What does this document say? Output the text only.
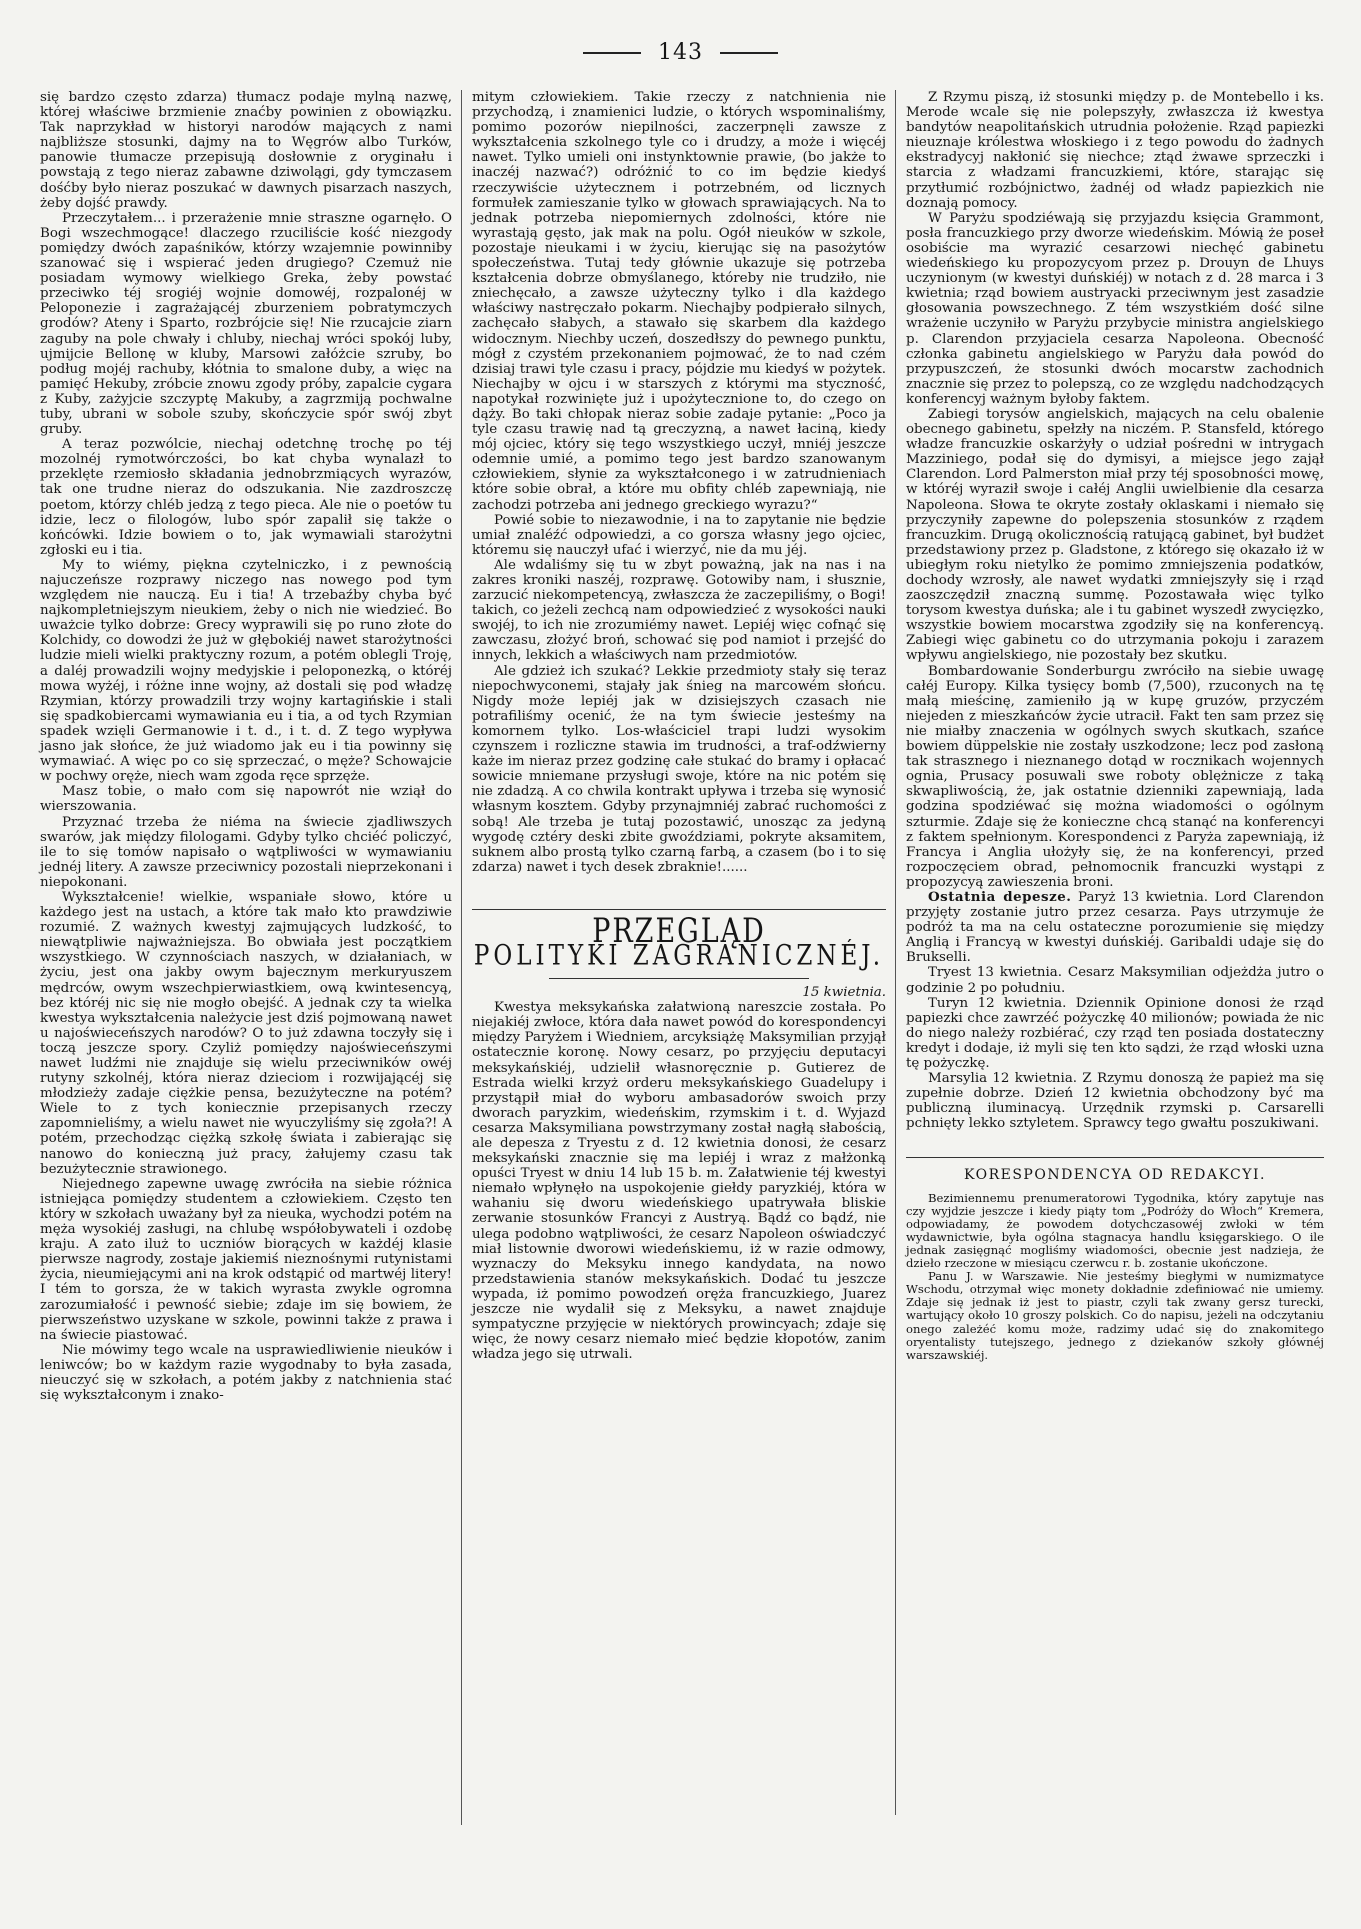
143

się bardzo często zdarza) tłumacz podaje mylną nazwę, której właściwe brzmienie znaćby powinien z obowiązku. Tak naprzykład w historyi narodów mających z nami najbliższe stosunki, dajmy na to Węgrów albo Turków, panowie tłumacze przepisują dosłownie z oryginału i powstają z tego nieraz zabawne dziwolągi, gdy tymczasem dośćby było nieraz poszukać w dawnych pisarzach naszych, żeby dojść prawdy.

Przeczytałem... i przerażenie mnie straszne ogarnęło. O Bogi wszechmogące! dlaczego rzuciliście kość niezgody pomiędzy dwóch zapaśników, którzy wzajemnie powinniby szanować się i wspierać jeden drugiego? Czemuż nie posiadam wymowy wielkiego Greka, żeby powstać przeciwko téj srogiéj wojnie domowéj, rozpalonéj w Peloponezie i zagrażającéj zburzeniem pobratymczych grodów? Ateny i Sparto, rozbrójcie się! Nie rzucajcie ziarn zaguby na pole chwały i chluby, niechaj wróci spokój luby, ujmijcie Bellonę w kluby, Marsowi załóżcie szruby, bo podług mojéj rachuby, kłótnia to smalone duby, a więc na pamięć Hekuby, zróbcie znowu zgody próby, zapalcie cygara z Kuby, zażyjcie szczyptę Makuby, a zagrzmiją pochwalne tuby, ubrani w sobole szuby, skończycie spór swój zbyt gruby.

A teraz pozwólcie, niechaj odetchnę trochę po téj mozolnéj rymotwórczości, bo kat chyba wynalazł to przeklęte rzemiosło składania jednobrzmiących wyrazów, tak one trudne nieraz do odszukania. Nie zazdroszczę poetom, którzy chléb jedzą z tego pieca. Ale nie o poetów tu idzie, lecz o filologów, lubo spór zapalił się także o końcówki. Idzie bowiem o to, jak wymawiali starożytni zgłoski eu i tia.

My to wiémy, piękna czytelniczko, i z pewnością najuczeńsze rozprawy niczego nas nowego pod tym względem nie nauczą. Eu i tia! A trzebaźby chyba być najkompletniejszym nieukiem, żeby o nich nie wiedzieć. Bo uważcie tylko dobrze: Grecy wyprawili się po runo złote do Kolchidy, co dowodzi że już w głębokiéj nawet starożytności ludzie mieli wielki praktyczny rozum, a potém oblegli Troję, a daléj prowadzili wojny medyjskie i peloponezką, o któréj mowa wyżéj, i różne inne wojny, aż dostali się pod władzę Rzymian, którzy prowadzili trzy wojny kartagińskie i stali się spadkobiercami wymawiania eu i tia, a od tych Rzymian spadek wzięli Germanowie i t. d., i t. d. Z tego wypływa jasno jak słońce, że już wiadomo jak eu i tia powinny się wymawiać. A więc po co się sprzeczać, o męże? Schowajcie w pochwy oręże, niech wam zgoda ręce sprzęże.

Masz tobie, o mało com się napowrót nie wziął do wierszowania.

Przyznać trzeba że niéma na świecie zjadliwszych swarów, jak między filologami. Gdyby tylko chciéć policzyć, ile to się tomów napisało o wątpliwości w wymawianiu jednéj litery. A zawsze przeciwnicy pozostali nieprzekonani i niepokonani.

Wykształcenie! wielkie, wspaniałe słowo, które u każdego jest na ustach, a które tak mało kto prawdziwie rozumié. Z ważnych kwestyj zajmujących ludzkość, to niewątpliwie najważniejsza. Bo obwiała jest początkiem wszystkiego. W czynnościach naszych, w działaniach, w życiu, jest ona jakby owym bajecznym merkuryuszem mędrców, owym wszechpierwiastkiem, ową kwintesencyą, bez któréj nic się nie mogło obejść. A jednak czy ta wielka kwestya wykształcenia należycie jest dziś pojmowaną nawet u najoświeceńszych narodów? O to już zdawna toczyły się i toczą jeszcze spory. Czyliż pomiędzy najoświeceńszymi nawet ludźmi nie znajduje się wielu przeciwników owéj rutyny szkolnéj, która nieraz dzieciom i rozwijającéj się młodzieży zadaje ciężkie pensa, bezużyteczne na potém? Wiele to z tych koniecznie przepisanych rzeczy zapomnieliśmy, a wielu nawet nie wyuczyliśmy się zgoła?! A potém, przechodząc ciężką szkołę świata i zabierając się nanowo do konieczną już pracy, żałujemy czasu tak bezużytecznie strawionego.

Niejednego zapewne uwagę zwróciła na siebie różnica istniejąca pomiędzy studentem a człowiekiem. Często ten który w szkołach uważany był za nieuka, wychodzi potém na męża wysokiéj zasługi, na chlubę współobywateli i ozdobę kraju. A zato iluż to uczniów biorących w każdéj klasie pierwsze nagrody, zostaje jakiemiś nieznośnymi rutynistami życia, nieumiejącymi ani na krok odstąpić od martwéj litery! I tém to gorsza, że w takich wyrasta zwykle ogromna zarozumiałość i pewność siebie; zdaje im się bowiem, że pierwszeństwo uzyskane w szkole, powinni także z prawa i na świecie piastować.

Nie mówimy tego wcale na usprawiedliwienie nieuków i leniwców; bo w każdym razie wygodnaby to była zasada, nieuczyć się w szkołach, a potém jakby z natchnienia stać się wykształconym i znako-

mitym człowiekiem. Takie rzeczy z natchnienia nie przychodzą, i znamienici ludzie, o których wspominaliśmy, pomimo pozorów niepilności, zaczerpnęli zawsze z wykształcenia szkolnego tyle co i drudzy, a może i więcéj nawet. Tylko umieli oni instynktownie prawie, (bo jakże to inaczéj nazwać?) odróżnić to co im będzie kiedyś rzeczywiście użytecznem i potrzebném, od licznych formułek zamieszanie tylko w głowach sprawiających. Na to jednak potrzeba niepomiernych zdolności, które nie wyrastają gęsto, jak mak na polu. Ogół nieuków w szkole, pozostaje nieukami i w życiu, kierując się na pasożytów społeczeństwa. Tutaj tedy głównie ukazuje się potrzeba kształcenia dobrze obmyślanego, któreby nie trudziło, nie zniechęcało, a zawsze użyteczny tylko i dla każdego właściwy nastręczało pokarm. Niechajby podpierało silnych, zachęcało słabych, a stawało się skarbem dla każdego widocznym. Niechby uczeń, doszedłszy do pewnego punktu, mógł z czystém przekonaniem pojmować, że to nad czém dzisiaj trawi tyle czasu i pracy, pójdzie mu kiedyś w pożytek. Niechajby w ojcu i w starszych z którymi ma styczność, napotykał rozwinięte już i upożytecznione to, do czego on dąży. Bo taki chłopak nieraz sobie zadaje pytanie: „Poco ja tyle czasu trawię nad tą greczyzną, a nawet łaciną, kiedy mój ojciec, który się tego wszystkiego uczył, mniéj jeszcze odemnie umié, a pomimo tego jest bardzo szanowanym człowiekiem, słynie za wykształconego i w zatrudnieniach które sobie obrał, a które mu obfity chléb zapewniają, nie zachodzi potrzeba ani jednego greckiego wyrazu?“

Powié sobie to niezawodnie, i na to zapytanie nie będzie umiał znaléźć odpowiedzi, a co gorsza własny jego ojciec, któremu się nauczył ufać i wierzyć, nie da mu jéj.

Ale wdaliśmy się tu w zbyt poważną, jak na nas i na zakres kroniki naszéj, rozprawę. Gotowiby nam, i słusznie, zarzucić niekompetencyą, zwłaszcza że zaczepiliśmy, o Bogi! takich, co jeżeli zechcą nam odpowiedzieć z wysokości nauki swojéj, to ich nie zrozumiémy nawet. Lepiéj więc cofnąć się zawczasu, złożyć broń, schować się pod namiot i przejść do innych, lekkich a właściwych nam przedmiotów.

Ale gdzież ich szukać? Lekkie przedmioty stały się teraz niepochwyconemi, stajały jak śnieg na marcowém słońcu. Nigdy może lepiéj jak w dzisiejszych czasach nie potrafiliśmy ocenić, że na tym świecie jesteśmy na komornem tylko. Los-właściciel trapi ludzi wysokim czynszem i rozliczne stawia im trudności, a traf-odźwierny każe im nieraz przez godzinę całe stukać do bramy i opłacać sowicie mniemane przysługi swoje, które na nic potém się nie zdadzą. A co chwila kontrakt upływa i trzeba się wynosić własnym kosztem. Gdyby przynajmniéj zabrać ruchomości z sobą! Ale trzeba je tutaj pozostawić, unosząc za jedyną wygodę cztéry deski zbite gwoździami, pokryte aksamitem, suknem albo prostą tylko czarną farbą, a czasem (bo i to się zdarza) nawet i tych desek zbraknie!......

PRZEGLĄD
POLITYKI ZAGRANICZNÉJ.

15 kwietnia.

Kwestya meksykańska załatwioną nareszcie została. Po niejakiéj zwłoce, która dała nawet powód do korespondencyi między Paryżem i Wiedniem, arcyksiążę Maksymilian przyjął ostatecznie koronę. Nowy cesarz, po przyjęciu deputacyi meksykańskiéj, udzielił własnoręcznie p. Gutierez de Estrada wielki krzyż orderu meksykańskiego Guadelupy i przystąpił miał do wyboru ambasadorów swoich przy dworach paryzkim, wiedeńskim, rzymskim i t. d. Wyjazd cesarza Maksymiliana powstrzymany został nagłą słabością, ale depesza z Tryestu z d. 12 kwietnia donosi, że cesarz meksykański znacznie się ma lepiéj i wraz z małżonką opuści Tryest w dniu 14 lub 15 b. m. Załatwienie téj kwestyi niemało wpłynęło na uspokojenie giełdy paryzkiéj, która w wahaniu się dworu wiedeńskiego upatrywała bliskie zerwanie stosunków Francyi z Austryą. Bądź co bądź, nie ulega podobno wątpliwości, że cesarz Napoleon oświadczyć miał listownie dworowi wiedeńskiemu, iż w razie odmowy, wyznaczy do Meksyku innego kandydata, na nowo przedstawienia stanów meksykańskich. Dodać tu jeszcze wypada, iż pomimo powodzeń oręża francuzkiego, Juarez jeszcze nie wydalił się z Meksyku, a nawet znajduje sympatyczne przyjęcie w niektórych prowincyach; zdaje się więc, że nowy cesarz niemało mieć będzie kłopotów, zanim władza jego się utrwali.

Z Rzymu piszą, iż stosunki między p. de Montebello i ks. Merode wcale się nie polepszyły, zwłaszcza iż kwestya bandytów neapolitańskich utrudnia położenie. Rząd papiezki nieuznaje królestwa włoskiego i z tego powodu do żadnych ekstradycyj nakłonić się niechce; ztąd żwawe sprzeczki i starcia z władzami francuzkiemi, które, starając się przytłumić rozbójnictwo, żadnéj od władz papiezkich nie doznają pomocy.

W Paryżu spodziéwają się przyjazdu księcia Grammont, posła francuzkiego przy dworze wiedeńskim. Mówią że poseł osobiście ma wyrazić cesarzowi niechęć gabinetu wiedeńskiego ku propozycyom przez p. Drouyn de Lhuys uczynionym (w kwestyi duńskiéj) w notach z d. 28 marca i 3 kwietnia; rząd bowiem austryacki przeciwnym jest zasadzie głosowania powszechnego. Z tém wszystkiém dość silne wrażenie uczyniło w Paryżu przybycie ministra angielskiego p. Clarendon przyjaciela cesarza Napoleona. Obecność członka gabinetu angielskiego w Paryżu dała powód do przypuszczeń, że stosunki dwóch mocarstw zachodnich znacznie się przez to polepszą, co ze względu nadchodzących konferencyj ważnym byłoby faktem.

Zabiegi torysów angielskich, mających na celu obalenie obecnego gabinetu, spełzły na niczém. P. Stansfeld, którego władze francuzkie oskarżyły o udział pośredni w intrygach Mazziniego, podał się do dymisyi, a miejsce jego zajął Clarendon. Lord Palmerston miał przy téj sposobności mowę, w któréj wyraził swoje i całéj Anglii uwielbienie dla cesarza Napoleona. Słowa te okryte zostały oklaskami i niemało się przyczyniły zapewne do polepszenia stosunków z rządem francuzkim. Drugą okolicznością ratującą gabinet, był budżet przedstawiony przez p. Gladstone, z którego się okazało iż w ubiegłym roku nietylko że pomimo zmniejszenia podatków, dochody wzrosły, ale nawet wydatki zmniejszyły się i rząd zaoszczędził znaczną summę. Pozostawała więc tylko torysom kwestya duńska; ale i tu gabinet wyszedł zwycięzko, wszystkie bowiem mocarstwa zgodziły się na konferencyą. Zabiegi więc gabinetu co do utrzymania pokoju i zarazem wpływu angielskiego, nie pozostały bez skutku.

Bombardowanie Sonderburgu zwróciło na siebie uwagę całéj Europy. Kilka tysięcy bomb (7,500), rzuconych na tę małą mieścinę, zamieniło ją w kupę gruzów, przyczém niejeden z mieszkańców życie utracił. Fakt ten sam przez się nie miałby znaczenia w ogólnych swych skutkach, szańce bowiem düppelskie nie zostały uszkodzone; lecz pod zasłoną tak strasznego i nieznanego dotąd w rocznikach wojennych ognia, Prusacy posuwali swe roboty oblężnicze z taką skwapliwością, że, jak ostatnie dzienniki zapewniają, lada godzina spodziéwać się można wiadomości o ogólnym szturmie. Zdaje się że konieczne chcą stanąć na konferencyi z faktem spełnionym. Korespondenci z Paryża zapewniają, iż Francya i Anglia ułożyły się, że na konferencyi, przed rozpoczęciem obrad, pełnomocnik francuzki wystąpi z propozycyą zawieszenia broni.

Ostatnia depesze. Paryż 13 kwietnia. Lord Clarendon przyjęty zostanie jutro przez cesarza. Pays utrzymuje że podróż ta ma na celu ostateczne porozumienie się między Anglią i Francyą w kwestyi duńskiéj. Garibaldi udaje się do Brukselli.

Tryest 13 kwietnia. Cesarz Maksymilian odjeżdża jutro o godzinie 2 po południu.

Turyn 12 kwietnia. Dziennik Opinione donosi że rząd papiezki chce zawrzéć pożyczkę 40 milionów; powiada że nic do niego należy rozbiérać, czy rząd ten posiada dostateczny kredyt i dodaje, iż myli się ten kto sądzi, że rząd włoski uzna tę pożyczkę.

Marsylia 12 kwietnia. Z Rzymu donoszą że papież ma się zupełnie dobrze. Dzień 12 kwietnia obchodzony być ma publiczną iluminacyą. Urzędnik rzymski p. Carsarelli pchnięty lekko sztyletem. Sprawcy tego gwałtu poszukiwani.

KORESPONDENCYA OD REDAKCYI.

Bezimiennemu prenumeratorowi Tygodnika, który zapytuje nas czy wyjdzie jeszcze i kiedy piąty tom „Podróży do Włoch“ Kremera, odpowiadamy, że powodem dotychczasowéj zwłoki w tém wydawnictwie, była ogólna stagnacya handlu księgarskiego. O ile jednak zasięgnąć mogliśmy wiadomości, obecnie jest nadzieja, że dzieło rzeczone w miesiącu czerwcu r. b. zostanie ukończone.

Panu J. w Warszawie. Nie jesteśmy biegłymi w numizmatyce Wschodu, otrzymał więc monety dokładnie zdefiniować nie umiemy. Zdaje się jednak iż jest to piastr, czyli tak zwany gersz turecki, wartujący około 10 groszy polskich. Co do napisu, jeżeli na odczytaniu onego zależéć komu może, radzimy udać się do znakomitego oryentalisty tutejszego, jednego z dziekanów szkoły głównéj warszawskiéj.
